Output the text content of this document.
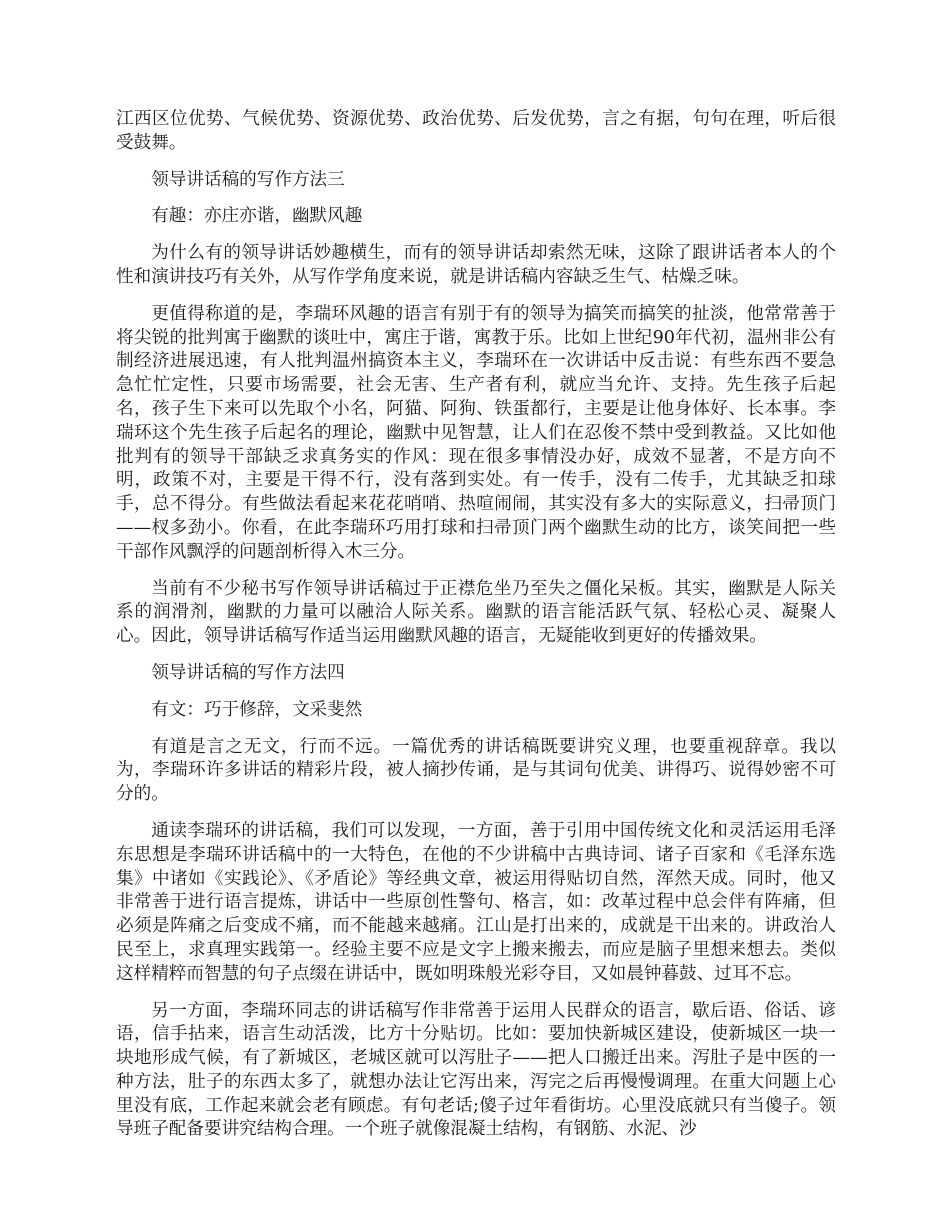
江西区位优势、气候优势、资源优势、政治优势、后发优势，言之有据，句句在理，听后很受鼓舞。

领导讲话稿的写作方法三

有趣：亦庄亦谐，幽默风趣

为什么有的领导讲话妙趣横生，而有的领导讲话却索然无味，这除了跟讲话者本人的个性和演讲技巧有关外，从写作学角度来说，就是讲话稿内容缺乏生气、枯燥乏味。

更值得称道的是，李瑞环风趣的语言有别于有的领导为搞笑而搞笑的扯淡，他常常善于将尖锐的批判寓于幽默的谈吐中，寓庄于谐，寓教于乐。比如上世纪90年代初，温州非公有制经济进展迅速，有人批判温州搞资本主义，李瑞环在一次讲话中反击说：有些东西不要急急忙忙定性，只要市场需要，社会无害、生产者有利，就应当允许、支持。先生孩子后起名，孩子生下来可以先取个小名，阿猫、阿狗、铁蛋都行，主要是让他身体好、长本事。李瑞环这个先生孩子后起名的理论，幽默中见智慧，让人们在忍俊不禁中受到教益。又比如他批判有的领导干部缺乏求真务实的作风：现在很多事情没办好，成效不显著，不是方向不明，政策不对，主要是干得不行，没有落到实处。有一传手，没有二传手，尤其缺乏扣球手，总不得分。有些做法看起来花花哨哨、热喧闹闹，其实没有多大的实际意义，扫帚顶门——杈多劲小。你看，在此李瑞环巧用打球和扫帚顶门两个幽默生动的比方，谈笑间把一些干部作风飘浮的问题剖析得入木三分。

当前有不少秘书写作领导讲话稿过于正襟危坐乃至失之僵化呆板。其实，幽默是人际关系的润滑剂，幽默的力量可以融洽人际关系。幽默的语言能活跃气氛、轻松心灵、凝聚人心。因此，领导讲话稿写作适当运用幽默风趣的语言，无疑能收到更好的传播效果。

领导讲话稿的写作方法四

有文：巧于修辞，文采斐然

有道是言之无文，行而不远。一篇优秀的讲话稿既要讲究义理，也要重视辞章。我以为，李瑞环许多讲话的精彩片段，被人摘抄传诵，是与其词句优美、讲得巧、说得妙密不可分的。

通读李瑞环的讲话稿，我们可以发现，一方面，善于引用中国传统文化和灵活运用毛泽东思想是李瑞环讲话稿中的一大特色，在他的不少讲稿中古典诗词、诸子百家和《毛泽东选集》中诸如《实践论》、《矛盾论》等经典文章，被运用得贴切自然，浑然天成。同时，他又非常善于进行语言提炼，讲话中一些原创性警句、格言，如：改革过程中总会伴有阵痛，但必须是阵痛之后变成不痛，而不能越来越痛。江山是打出来的，成就是干出来的。讲政治人民至上，求真理实践第一。经验主要不应是文字上搬来搬去，而应是脑子里想来想去。类似这样精粹而智慧的句子点缀在讲话中，既如明珠般光彩夺目，又如晨钟暮鼓、过耳不忘。

另一方面，李瑞环同志的讲话稿写作非常善于运用人民群众的语言，歇后语、俗话、谚语，信手拈来，语言生动活泼，比方十分贴切。比如：要加快新城区建设，使新城区一块一块地形成气候，有了新城区，老城区就可以泻肚子——把人口搬迁出来。泻肚子是中医的一种方法，肚子的东西太多了，就想办法让它泻出来，泻完之后再慢慢调理。在重大问题上心里没有底，工作起来就会老有顾虑。有句老话;傻子过年看街坊。心里没底就只有当傻子。领导班子配备要讲究结构合理。一个班子就像混凝土结构，有钢筋、水泥、沙
